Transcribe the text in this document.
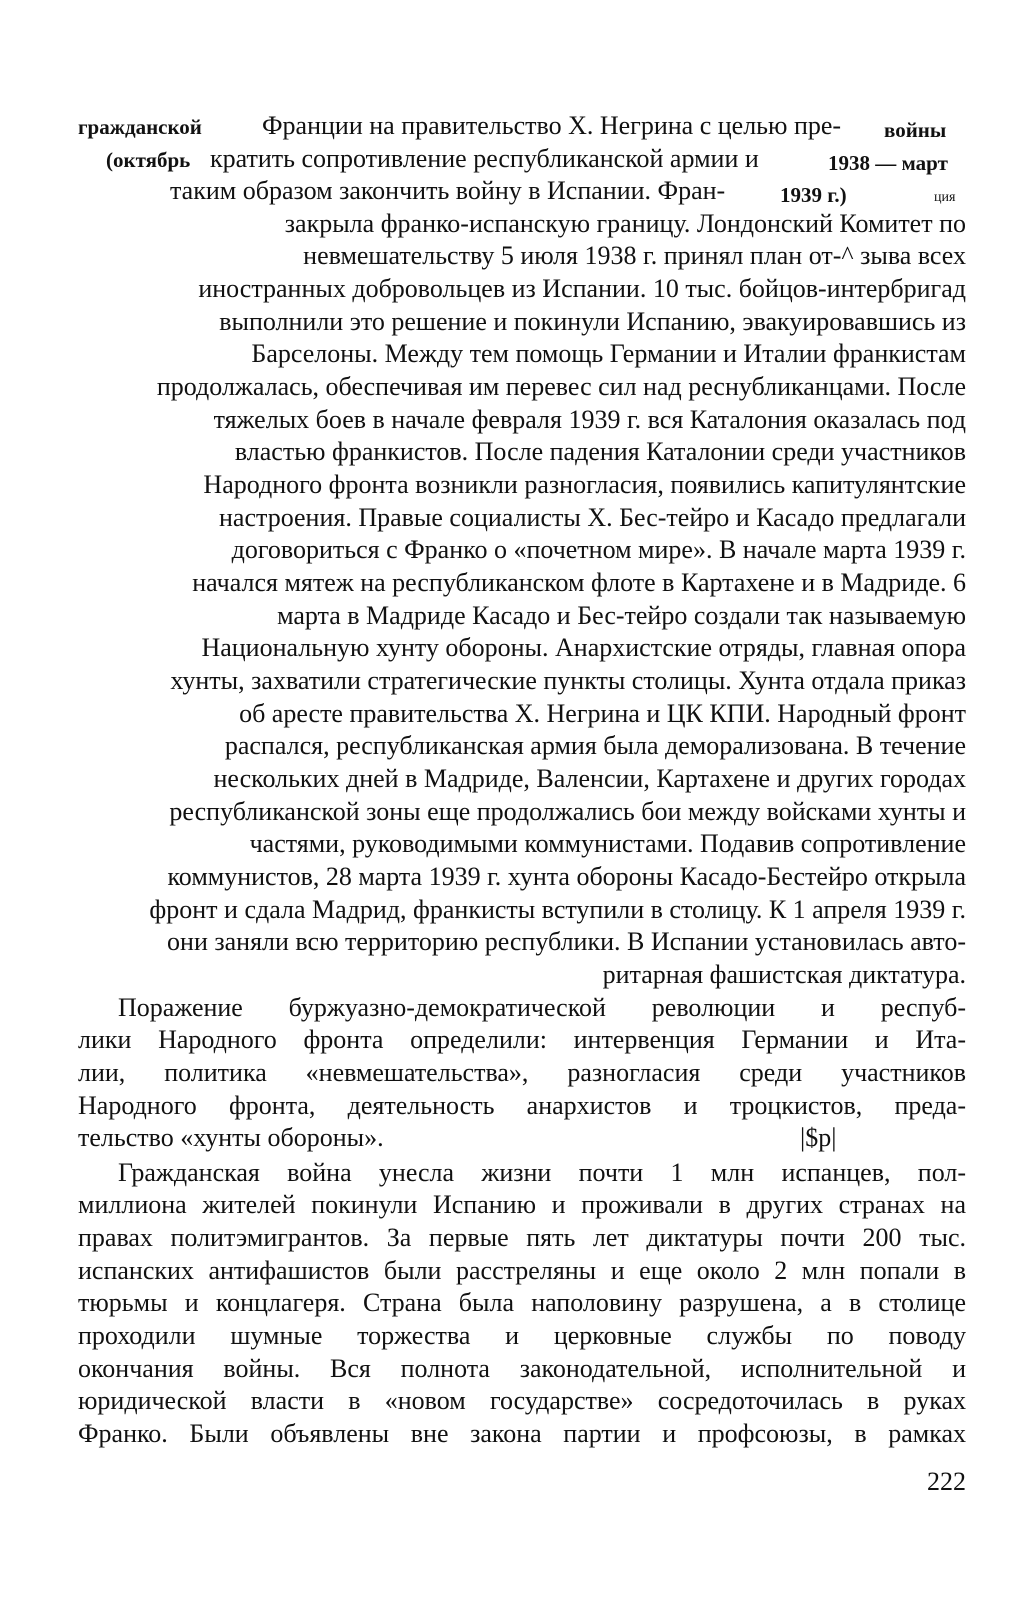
гражданской	Франции на правительство X. Негрина с целью пре-	войны
(октябрь кратить сопротивление республиканской армии и	1938 — март
таким образом закончить войну в Испании. Фран-	1939 г.)	ция
закрыла франко-испанскую границу. Лондонский Комитет по
невмешательству 5 июля 1938 г. принял план от-^ зыва всех
иностранных добровольцев из Испании. 10 тыс. бойцов-интербригад
выполнили это решение и покинули Испанию, эвакуировавшись из
Барселоны. Между тем помощь Германии и Италии франкистам
продолжалась, обеспечивая им перевес сил над реснубликанцами. После
тяжелых боев в начале февраля 1939 г. вся Каталония оказалась под
властью франкистов. После падения Каталонии среди участников
Народного фронта возникли разногласия, появились капитулянтские
настроения. Правые социалисты X. Бес-тейро и Касадо предлагали
договориться с Франко о «почетном мире». В начале марта 1939 г.
начался мятеж на республиканском флоте в Картахене и в Мадриде. 6
марта в Мадриде Касадо и Бес-тейро создали так называемую
Национальную хунту обороны. Анархистские отряды, главная опора
хунты, захватили стратегические пункты столицы. Хунта отдала приказ
об аресте правительства X. Негрина и ЦК КПИ. Народный фронт
распался, республиканская армия была деморализована. В течение
нескольких дней в Мадриде, Валенсии, Картахене и других городах
республиканской зоны еще продолжались бои между войсками хунты и
частями, руководимыми коммунистами. Подавив сопротивление
коммунистов, 28 марта 1939 г. хунта обороны Касадо-Бестейро открыла
фронт и сдала Мадрид, франкисты вступили в столицу. К 1 апреля 1939 г.
они заняли всю территорию республики. В Испании установилась авто-
ритарная фашистская диктатура.
Поражение буржуазно-демократической революции и респуб-
лики Народного фронта определили: интервенция Германии и Ита-
лии, политика «невмешательства», разногласия среди участников
Народного фронта, деятельность анархистов и троцкистов, преда-
тельство «хунты обороны».	|$p|
Гражданская война унесла жизни почти 1 млн испанцев, пол-
миллиона жителей покинули Испанию и проживали в других странах на
правах политэмигрантов. За первые пять лет диктатуры почти 200 тыс.
испанских антифашистов были расстреляны и еще около 2 млн попали в
тюрьмы и концлагеря. Страна была наполовину разрушена, а в столице
проходили шумные торжества и церковные службы по поводу
окончания войны. Вся полнота законодательной, исполнительной и
юридической власти в «новом государстве» сосредоточилась в руках
Франко. Были объявлены вне закона партии и профсоюзы, в рамках
222
